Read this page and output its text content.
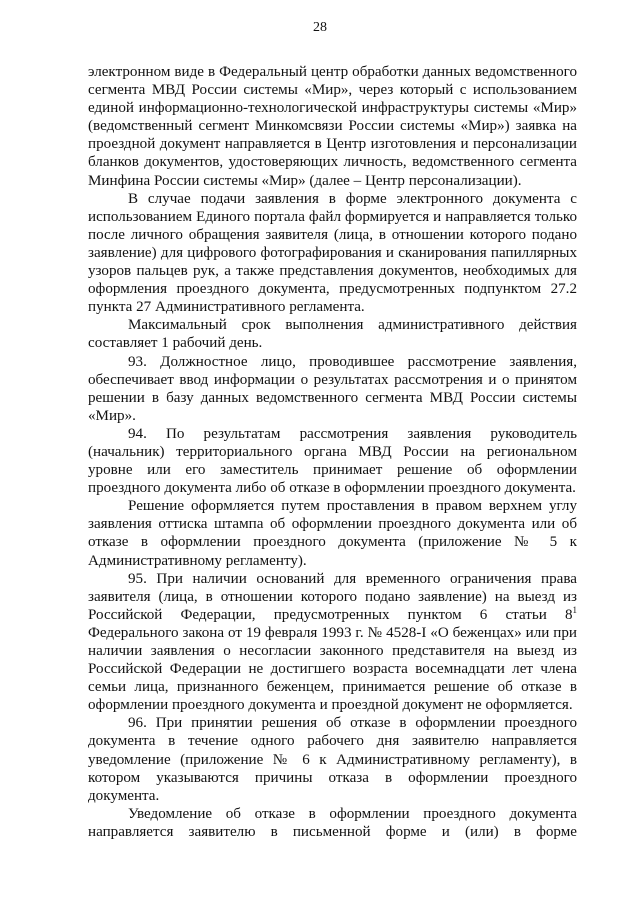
28

электронном виде в Федеральный центр обработки данных ведомственного сегмента МВД России системы «Мир», через который с использованием единой информационно-технологической инфраструктуры системы «Мир» (ведомственный сегмент Минкомсвязи России системы «Мир») заявка на проездной документ направляется в Центр изготовления и персонализации бланков документов, удостоверяющих личность, ведомственного сегмента Минфина России системы «Мир» (далее – Центр персонализации).

В случае подачи заявления в форме электронного документа с использованием Единого портала файл формируется и направляется только после личного обращения заявителя (лица, в отношении которого подано заявление) для цифрового фотографирования и сканирования папиллярных узоров пальцев рук, а также представления документов, необходимых для оформления проездного документа, предусмотренных подпунктом 27.2 пункта 27 Административного регламента.

Максимальный срок выполнения административного действия составляет 1 рабочий день.

93. Должностное лицо, проводившее рассмотрение заявления, обеспечивает ввод информации о результатах рассмотрения и о принятом решении в базу данных ведомственного сегмента МВД России системы «Мир».

94. По результатам рассмотрения заявления руководитель (начальник) территориального органа МВД России на региональном уровне или его заместитель принимает решение об оформлении проездного документа либо об отказе в оформлении проездного документа.

Решение оформляется путем проставления в правом верхнем углу заявления оттиска штампа об оформлении проездного документа или об отказе в оформлении проездного документа (приложение № 5 к Административному регламенту).

95. При наличии оснований для временного ограничения права заявителя (лица, в отношении которого подано заявление) на выезд из Российской Федерации, предусмотренных пунктом 6 статьи $8^1$ Федерального закона от 19 февраля 1993 г. № 4528-I «О беженцах» или при наличии заявления о несогласии законного представителя на выезд из Российской Федерации не достигшего возраста восемнадцати лет члена семьи лица, признанного беженцем, принимается решение об отказе в оформлении проездного документа и проездной документ не оформляется.

96. При принятии решения об отказе в оформлении проездного документа в течение одного рабочего дня заявителю направляется уведомление (приложение № 6 к Административному регламенту), в котором указываются причины отказа в оформлении проездного документа.

Уведомление об отказе в оформлении проездного документа направляется заявителю в письменной форме и (или) в форме
